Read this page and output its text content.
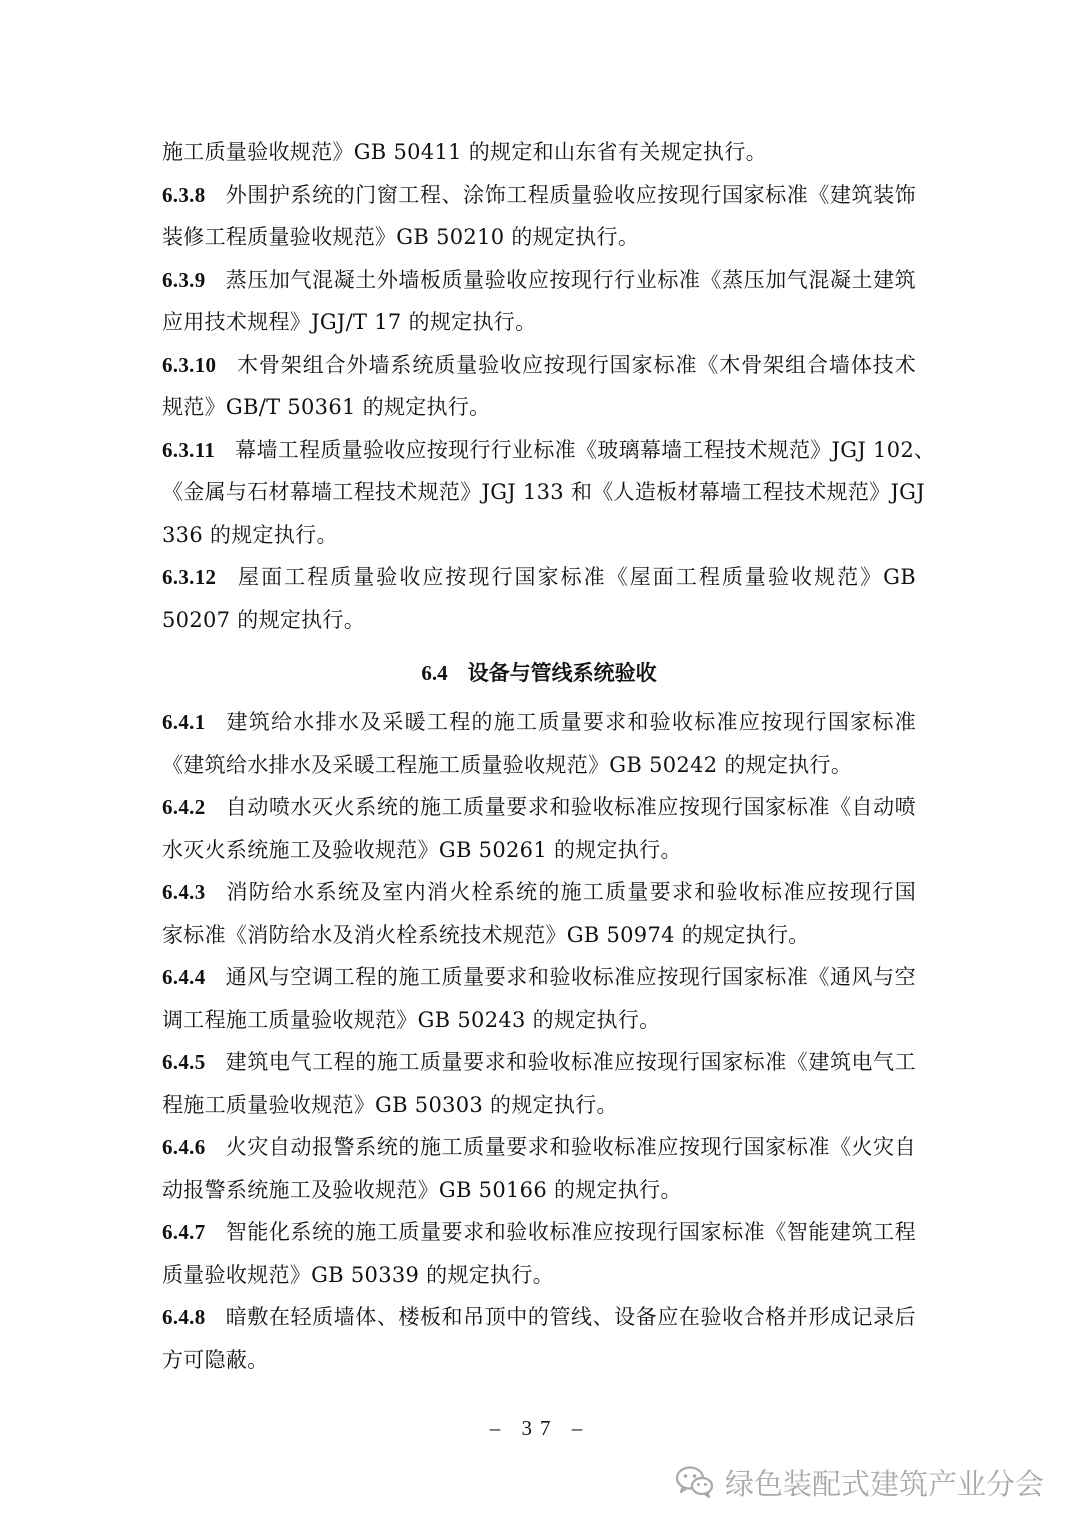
施工质量验收规范》GB 50411 的规定和山东省有关规定执行。
6.3.8 外围护系统的门窗工程、涂饰工程质量验收应按现行国家标准《建筑装饰
装修工程质量验收规范》GB 50210 的规定执行。
6.3.9 蒸压加气混凝土外墙板质量验收应按现行行业标准《蒸压加气混凝土建筑
应用技术规程》JGJ/T 17 的规定执行。
6.3.10 木骨架组合外墙系统质量验收应按现行国家标准《木骨架组合墙体技术
规范》GB/T 50361 的规定执行。
6.3.11 幕墙工程质量验收应按现行行业标准《玻璃幕墙工程技术规范》JGJ 102、
《金属与石材幕墙工程技术规范》JGJ 133 和《人造板材幕墙工程技术规范》JGJ
336 的规定执行。
6.3.12 屋面工程质量验收应按现行国家标准《屋面工程质量验收规范》GB
50207 的规定执行。
6.4 设备与管线系统验收
6.4.1 建筑给水排水及采暖工程的施工质量要求和验收标准应按现行国家标准
《建筑给水排水及采暖工程施工质量验收规范》GB 50242 的规定执行。
6.4.2 自动喷水灭火系统的施工质量要求和验收标准应按现行国家标准《自动喷
水灭火系统施工及验收规范》GB 50261 的规定执行。
6.4.3 消防给水系统及室内消火栓系统的施工质量要求和验收标准应按现行国
家标准《消防给水及消火栓系统技术规范》GB 50974 的规定执行。
6.4.4 通风与空调工程的施工质量要求和验收标准应按现行国家标准《通风与空
调工程施工质量验收规范》GB 50243 的规定执行。
6.4.5 建筑电气工程的施工质量要求和验收标准应按现行国家标准《建筑电气工
程施工质量验收规范》GB 50303 的规定执行。
6.4.6 火灾自动报警系统的施工质量要求和验收标准应按现行国家标准《火灾自
动报警系统施工及验收规范》GB 50166 的规定执行。
6.4.7 智能化系统的施工质量要求和验收标准应按现行国家标准《智能建筑工程
质量验收规范》GB 50339 的规定执行。
6.4.8 暗敷在轻质墙体、楼板和吊顶中的管线、设备应在验收合格并形成记录后
方可隐蔽。
– 37 –
绿色装配式建筑产业分会
